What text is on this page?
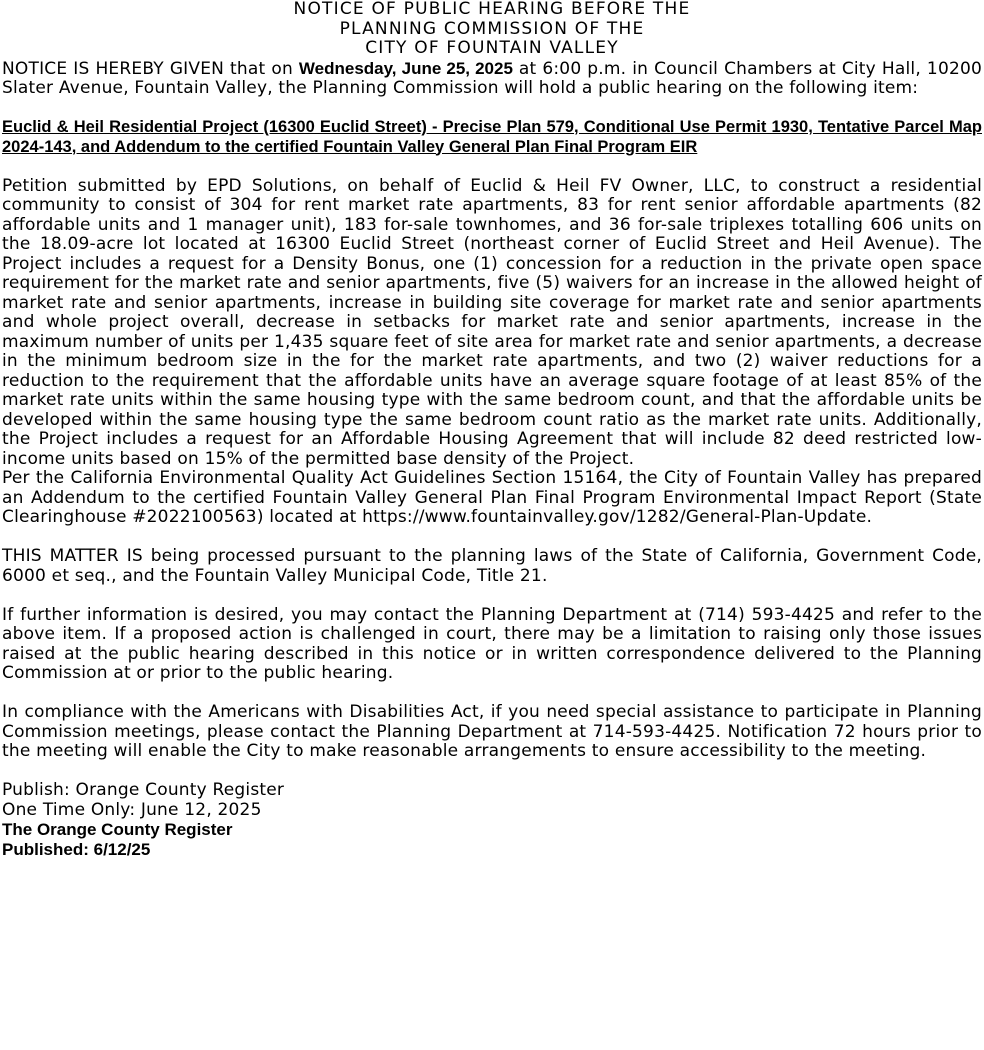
NOTICE OF PUBLIC HEARING BEFORE THE
PLANNING COMMISSION OF THE
CITY OF FOUNTAIN VALLEY

NOTICE IS HEREBY GIVEN that on Wednesday, June 25, 2025 at 6:00 p.m. in Council Chambers at City Hall, 10200 Slater Avenue, Fountain Valley, the Planning Commission will hold a public hearing on the following item:

Euclid & Heil Residential Project (16300 Euclid Street) - Precise Plan 579, Conditional Use Permit 1930, Tentative Parcel Map 2024-143, and Addendum to the certified Fountain Valley General Plan Final Program EIR

Petition submitted by EPD Solutions, on behalf of Euclid & Heil FV Owner, LLC, to construct a residential community to consist of 304 for rent market rate apartments, 83 for rent senior affordable apartments (82 affordable units and 1 manager unit), 183 for-sale townhomes, and 36 for-sale triplexes totalling 606 units on the 18.09-acre lot located at 16300 Euclid Street (northeast corner of Euclid Street and Heil Avenue). The Project includes a request for a Density Bonus, one (1) concession for a reduction in the private open space requirement for the market rate and senior apartments, five (5) waivers for an increase in the allowed height of market rate and senior apartments, increase in building site coverage for market rate and senior apartments and whole project overall, decrease in setbacks for market rate and senior apartments, increase in the maximum number of units per 1,435 square feet of site area for market rate and senior apartments, a decrease in the minimum bedroom size in the for the market rate apartments, and two (2) waiver reductions for a reduction to the requirement that the affordable units have an average square footage of at least 85% of the market rate units within the same housing type with the same bedroom count, and that the affordable units be developed within the same housing type the same bedroom count ratio as the market rate units. Additionally, the Project includes a request for an Affordable Housing Agreement that will include 82 deed restricted low-income units based on 15% of the permitted base density of the Project.

Per the California Environmental Quality Act Guidelines Section 15164, the City of Fountain Valley has prepared an Addendum to the certified Fountain Valley General Plan Final Program Environmental Impact Report (State Clearinghouse #2022100563) located at https://www.fountainvalley.gov/1282/General-Plan-Update.

THIS MATTER IS being processed pursuant to the planning laws of the State of California, Government Code, 6000 et seq., and the Fountain Valley Municipal Code, Title 21.

If further information is desired, you may contact the Planning Department at (714) 593-4425 and refer to the above item. If a proposed action is challenged in court, there may be a limitation to raising only those issues raised at the public hearing described in this notice or in written correspondence delivered to the Planning Commission at or prior to the public hearing.

In compliance with the Americans with Disabilities Act, if you need special assistance to participate in Planning Commission meetings, please contact the Planning Department at 714-593-4425. Notification 72 hours prior to the meeting will enable the City to make reasonable arrangements to ensure accessibility to the meeting.

Publish: Orange County Register

One Time Only: June 12, 2025

The Orange County Register

Published: 6/12/25
